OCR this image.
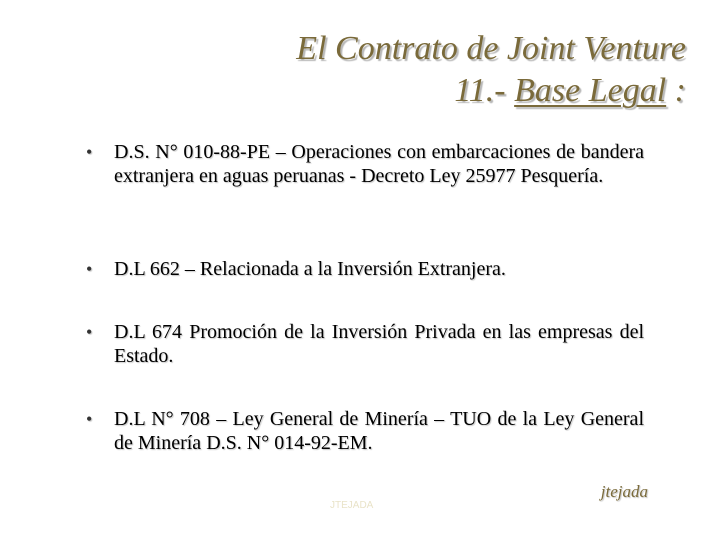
El Contrato de Joint Venture
11.- Base Legal :
• D.S. N° 010-88-PE – Operaciones con embarcaciones de bandera extranjera en aguas peruanas - Decreto Ley 25977 Pesquería.
• D.L 662 – Relacionada a la Inversión Extranjera.
• D.L 674 Promoción de la Inversión Privada en las empresas del Estado.
• D.L N° 708 – Ley General de Minería – TUO de la Ley General de Minería D.S. N° 014-92-EM.
JTEJADA
jtejada
